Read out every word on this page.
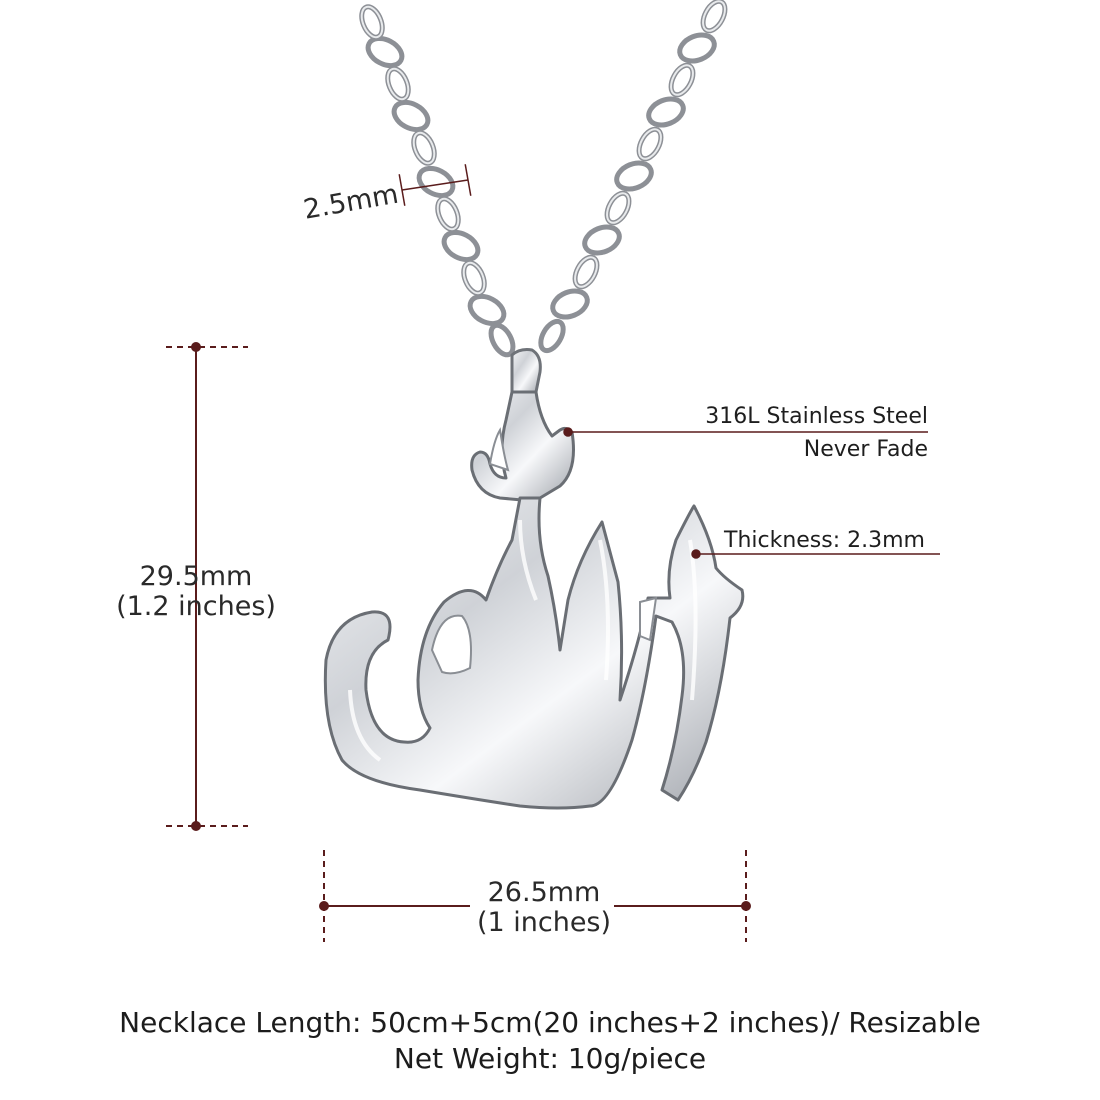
2.5mm
29.5mm
(1.2 inches)
26.5mm
(1 inches)
316L Stainless Steel
Never Fade
Thickness: 2.3mm
Necklace Length: 50cm+5cm(20 inches+2 inches)/ Resizable
Net Weight: 10g/piece
